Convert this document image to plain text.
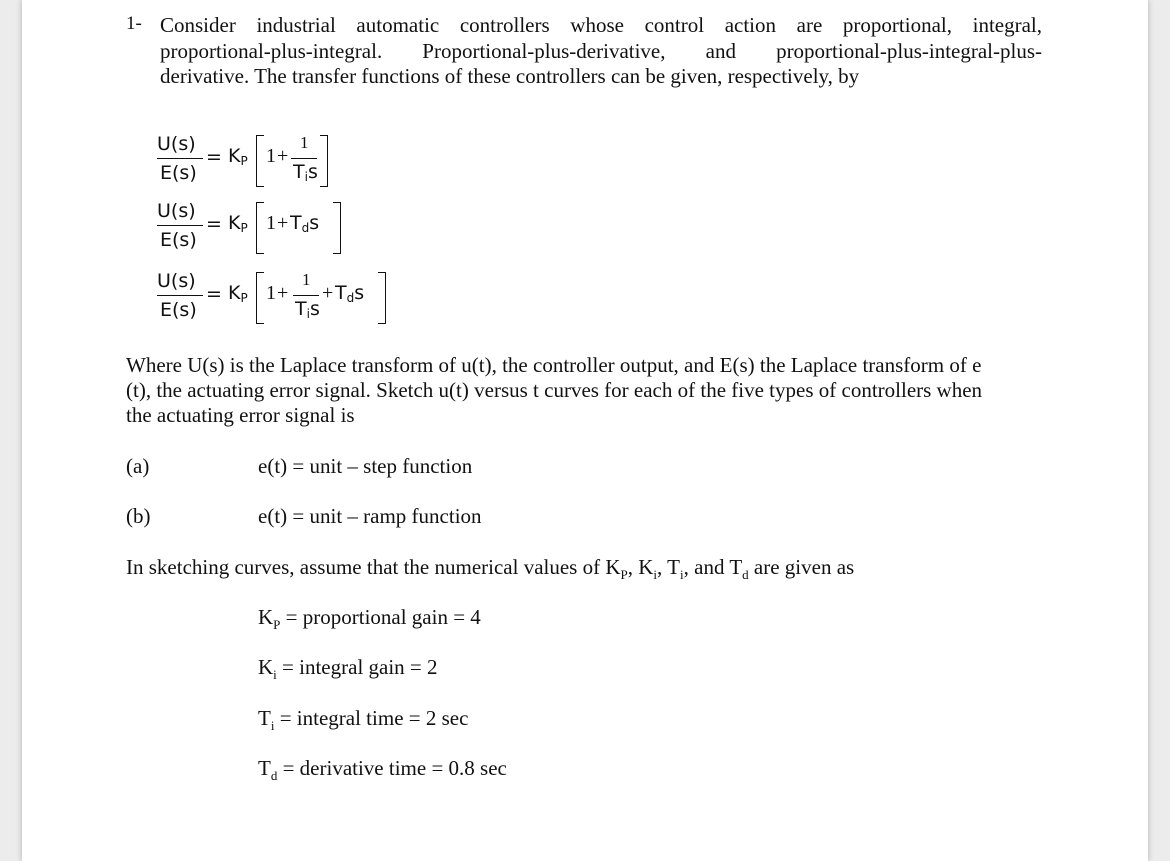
1- Consider industrial automatic controllers whose control action are proportional, integral,
proportional-plus-integral. Proportional-plus-derivative, and proportional-plus-integral-plus-
derivative. The transfer functions of these controllers can be given, respectively, by
U(s)
E(s)
= $K_P$ 1 +
1
$T_is$
U(s)
E(s)
= $K_P$ $1 + T_ds$
U(s)
E(s)
= $K_P$ 1 +
1
$T_is$
+ $T_ds$
Where U(s) is the Laplace transform of u(t), the controller output, and E(s) the Laplace transform of e
(t), the actuating error signal. Sketch u(t) versus t curves for each of the five types of controllers when
the actuating error signal is
(a)	e(t) = unit – step function
(b)	e(t) = unit – ramp function
In sketching curves, assume that the numerical values of $K_P$, $K_i$, $T_i$, and $T_d$ are given as
$K_P$ = proportional gain = 4
$K_i$ = integral gain = 2
$T_i$ = integral time = 2 sec
$T_d$ = derivative time = 0.8 sec
